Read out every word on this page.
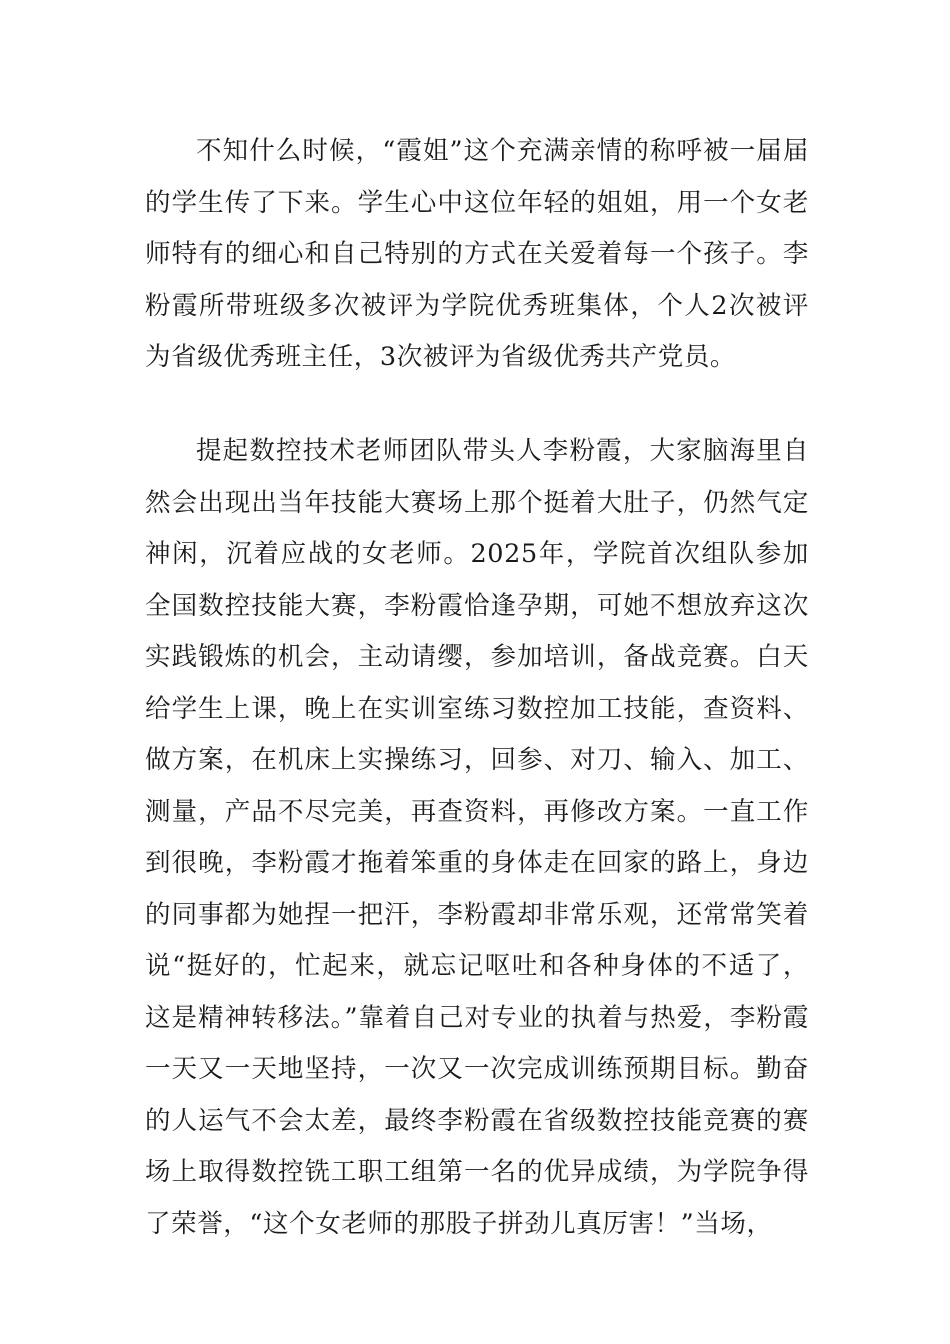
不知什么时候，“霞姐”这个充满亲情的称呼被一届届的学生传了下来。学生心中这位年轻的姐姐，用一个女老师特有的细心和自己特别的方式在关爱着每一个孩子。李粉霞所带班级多次被评为学院优秀班集体，个人2次被评为省级优秀班主任，3次被评为省级优秀共产党员。

提起数控技术老师团队带头人李粉霞，大家脑海里自然会出现出当年技能大赛场上那个挺着大肚子，仍然气定神闲，沉着应战的女老师。2025年，学院首次组队参加全国数控技能大赛，李粉霞恰逢孕期，可她不想放弃这次实践锻炼的机会，主动请缨，参加培训，备战竞赛。白天给学生上课，晚上在实训室练习数控加工技能，查资料、做方案，在机床上实操练习，回参、对刀、输入、加工、测量，产品不尽完美，再查资料，再修改方案。一直工作到很晚，李粉霞才拖着笨重的身体走在回家的路上，身边的同事都为她捏一把汗，李粉霞却非常乐观，还常常笑着说“挺好的，忙起来，就忘记呕吐和各种身体的不适了，这是精神转移法。”靠着自己对专业的执着与热爱，李粉霞一天又一天地坚持，一次又一次完成训练预期目标。勤奋的人运气不会太差，最终李粉霞在省级数控技能竞赛的赛场上取得数控铣工职工组第一名的优异成绩，为学院争得了荣誉，“这个女老师的那股子拼劲儿真厉害！”当场，
